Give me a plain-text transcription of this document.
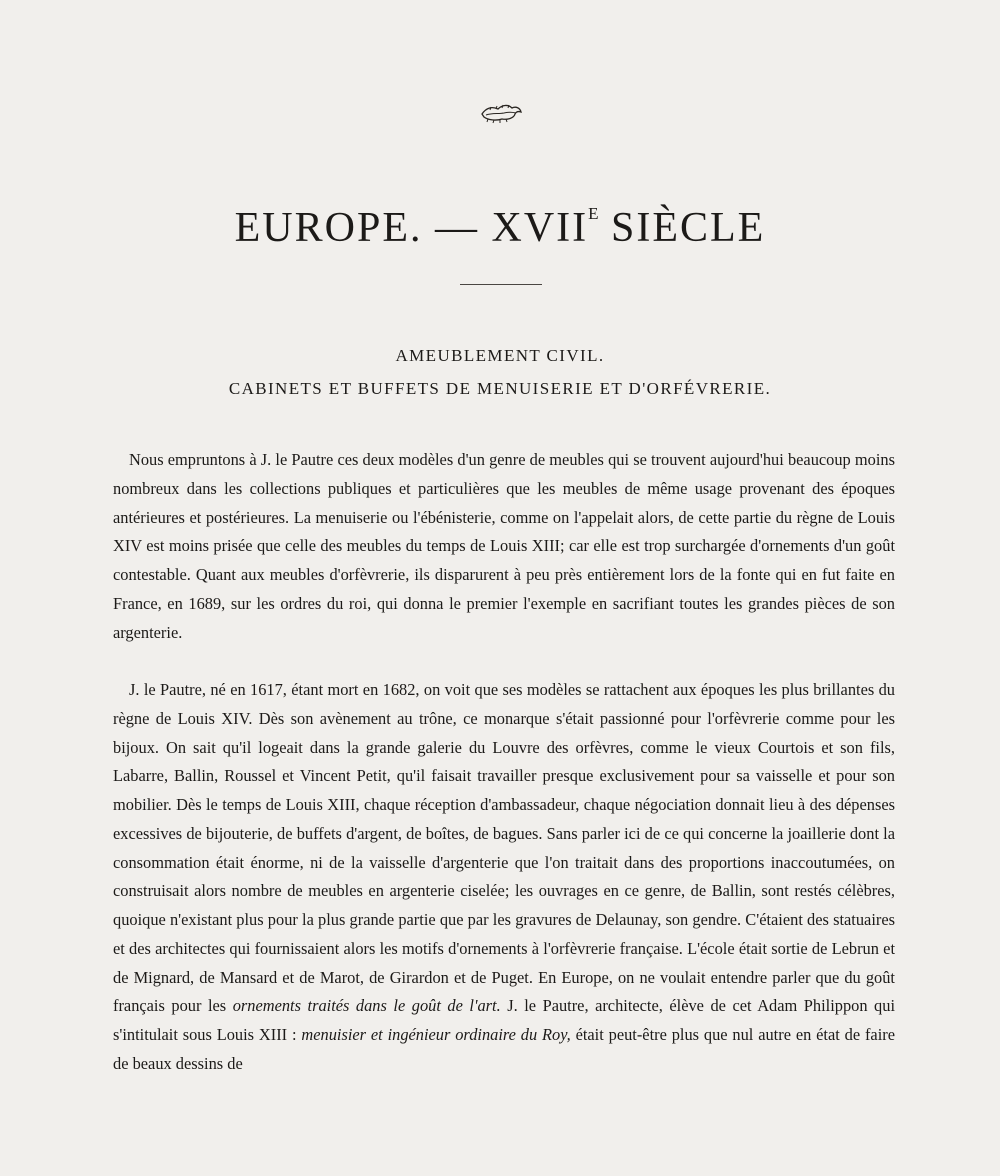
EUROPE. — $XVII^E$ SIÈCLE

AMEUBLEMENT CIVIL.

CABINETS ET BUFFETS DE MENUISERIE ET D'ORFÉVRERIE.

Nous empruntons à J. le Pautre ces deux modèles d'un genre de meubles qui se trouvent aujourd'hui beaucoup moins nombreux dans les collections publiques et particulières que les meubles de même usage provenant des époques antérieures et postérieures. La menuiserie ou l'ébénisterie, comme on l'appelait alors, de cette partie du règne de Louis XIV est moins prisée que celle des meubles du temps de Louis XIII; car elle est trop surchargée d'ornements d'un goût contestable. Quant aux meubles d'orfèvrerie, ils disparurent à peu près entièrement lors de la fonte qui en fut faite en France, en 1689, sur les ordres du roi, qui donna le premier l'exemple en sacrifiant toutes les grandes pièces de son argenterie.

J. le Pautre, né en 1617, étant mort en 1682, on voit que ses modèles se rattachent aux époques les plus brillantes du règne de Louis XIV. Dès son avènement au trône, ce monarque s'était passionné pour l'orfèvrerie comme pour les bijoux. On sait qu'il logeait dans la grande galerie du Louvre des orfèvres, comme le vieux Courtois et son fils, Labarre, Ballin, Roussel et Vincent Petit, qu'il faisait travailler presque exclusivement pour sa vaisselle et pour son mobilier. Dès le temps de Louis XIII, chaque réception d'ambassadeur, chaque négociation donnait lieu à des dépenses excessives de bijouterie, de buffets d'argent, de boîtes, de bagues. Sans parler ici de ce qui concerne la joaillerie dont la consommation était énorme, ni de la vaisselle d'argenterie que l'on traitait dans des proportions inaccoutumées, on construisait alors nombre de meubles en argenterie ciselée; les ouvrages en ce genre, de Ballin, sont restés célèbres, quoique n'existant plus pour la plus grande partie que par les gravures de Delaunay, son gendre. C'étaient des statuaires et des architectes qui fournissaient alors les motifs d'ornements à l'orfèvrerie française. L'école était sortie de Lebrun et de Mignard, de Mansard et de Marot, de Girardon et de Puget. En Europe, on ne voulait entendre parler que du goût français pour les ornements traités dans le goût de l'art. J. le Pautre, architecte, élève de cet Adam Philippon qui s'intitulait sous Louis XIII : menuisier et ingénieur ordinaire du Roy, était peut-être plus que nul autre en état de faire de beaux dessins de
